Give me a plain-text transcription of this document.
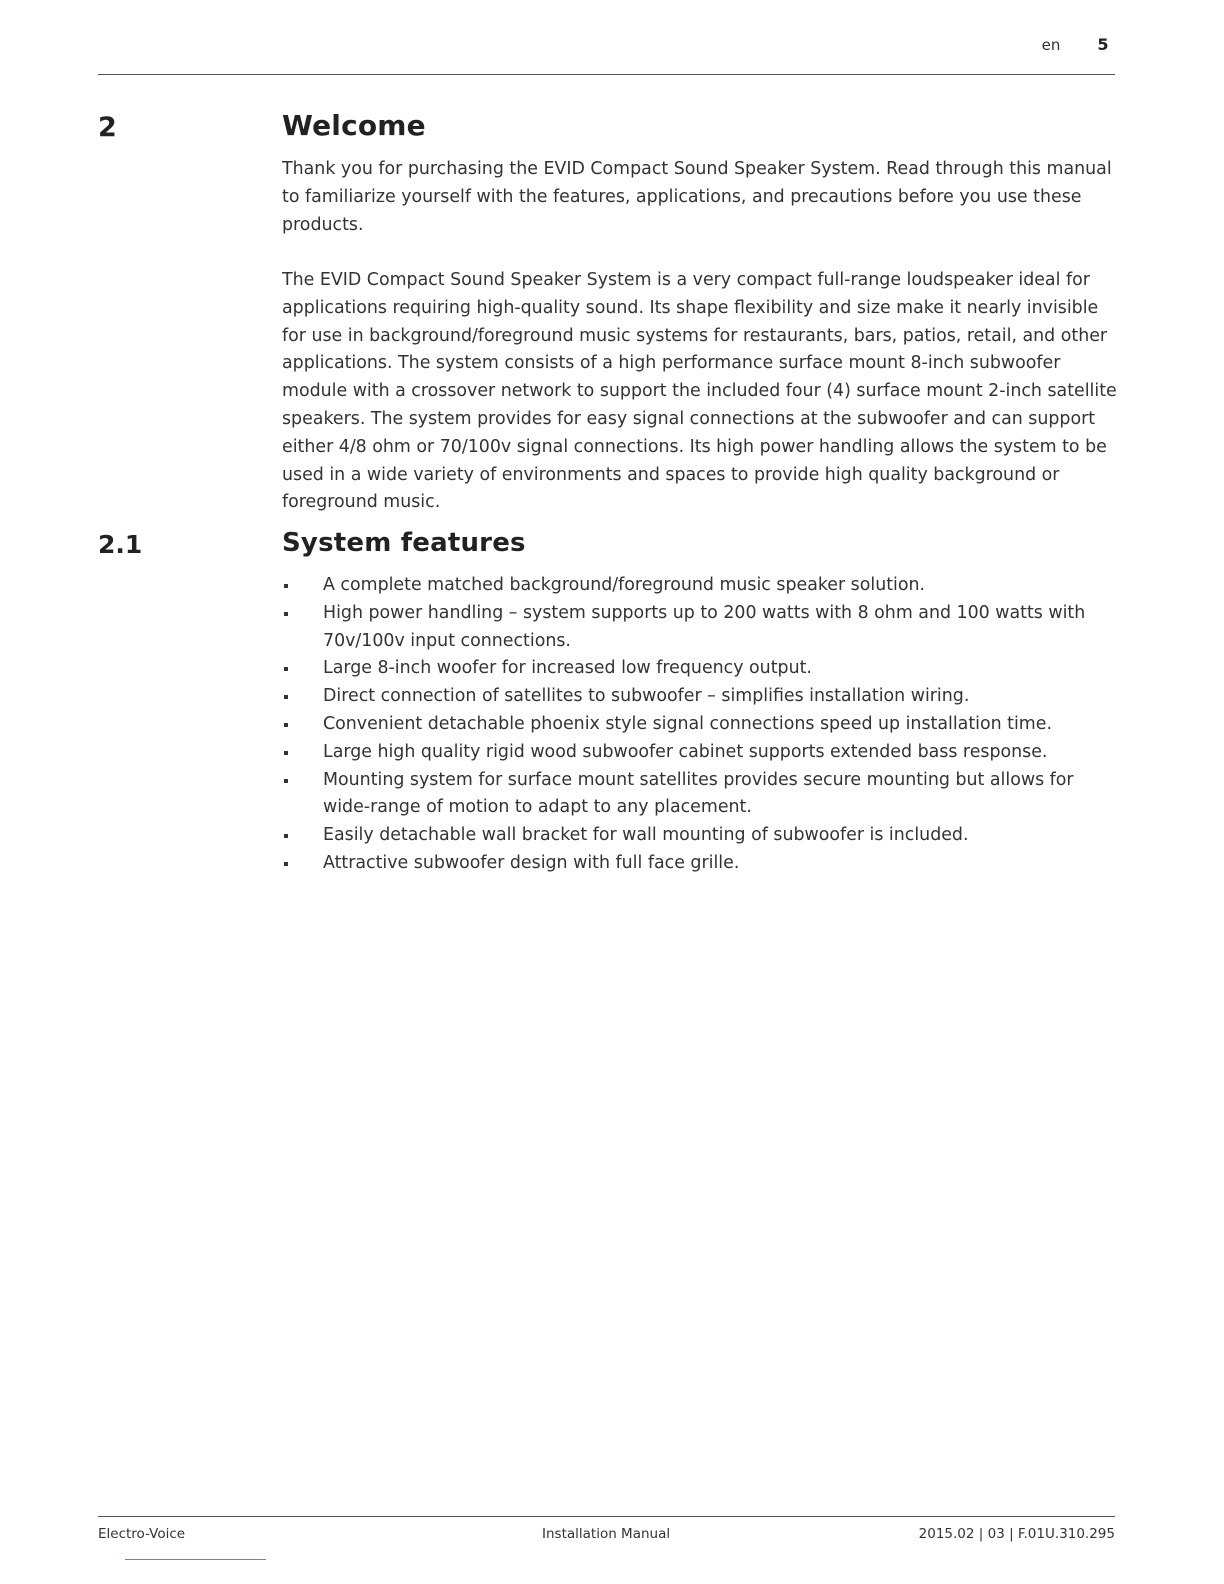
en	5
2	Welcome

Thank you for purchasing the EVID Compact Sound Speaker System. Read through this manual to familiarize yourself with the features, applications, and precautions before you use these products.

The EVID Compact Sound Speaker System is a very compact full-range loudspeaker ideal for applications requiring high-quality sound. Its shape flexibility and size make it nearly invisible for use in background/foreground music systems for restaurants, bars, patios, retail, and other applications. The system consists of a high performance surface mount 8-inch subwoofer module with a crossover network to support the included four (4) surface mount 2-inch satellite speakers. The system provides for easy signal connections at the subwoofer and can support either 4/8 ohm or 70/100v signal connections. Its high power handling allows the system to be used in a wide variety of environments and spaces to provide high quality background or foreground music.

2.1	System features
A complete matched background/foreground music speaker solution.
High power handling – system supports up to 200 watts with 8 ohm and 100 watts with 70v/100v input connections.
Large 8-inch woofer for increased low frequency output.
Direct connection of satellites to subwoofer – simplifies installation wiring.
Convenient detachable phoenix style signal connections speed up installation time.
Large high quality rigid wood subwoofer cabinet supports extended bass response.
Mounting system for surface mount satellites provides secure mounting but allows for wide-range of motion to adapt to any placement.
Easily detachable wall bracket for wall mounting of subwoofer is included.
Attractive subwoofer design with full face grille.
Electro-Voice	Installation Manual	2015.02 | 03 | F.01U.310.295
